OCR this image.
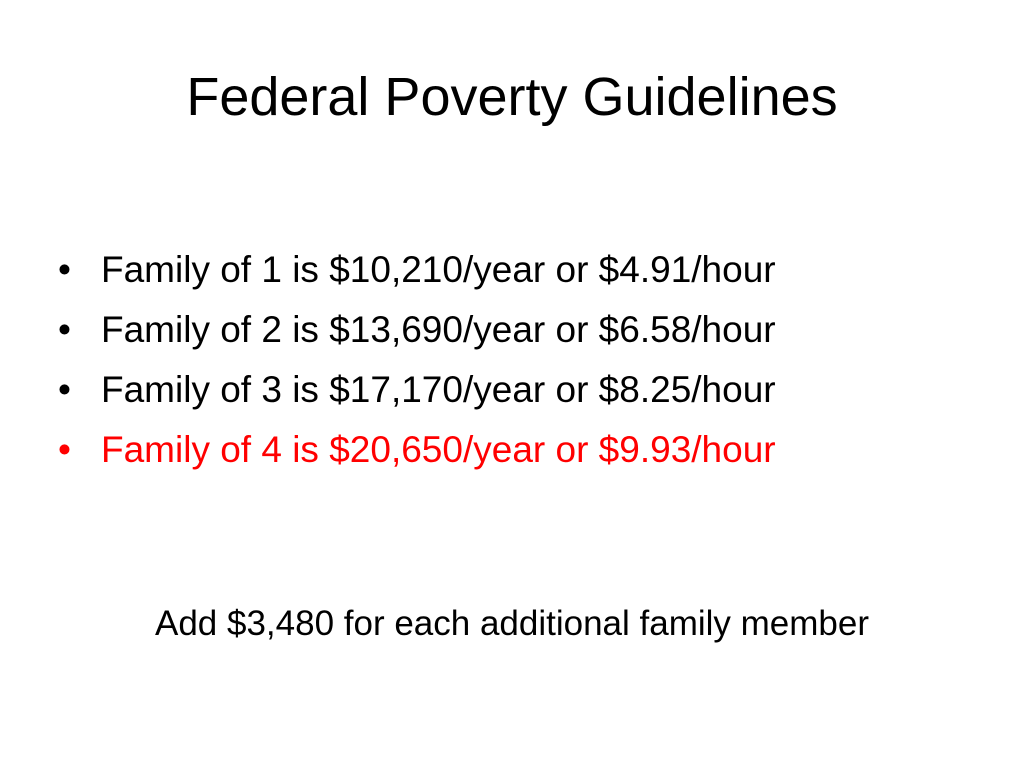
Federal Poverty Guidelines
• Family of 1 is $10,210/year or $4.91/hour
• Family of 2 is $13,690/year or $6.58/hour
• Family of 3 is $17,170/year or $8.25/hour
• Family of 4 is $20,650/year or $9.93/hour
Add $3,480 for each additional family member
